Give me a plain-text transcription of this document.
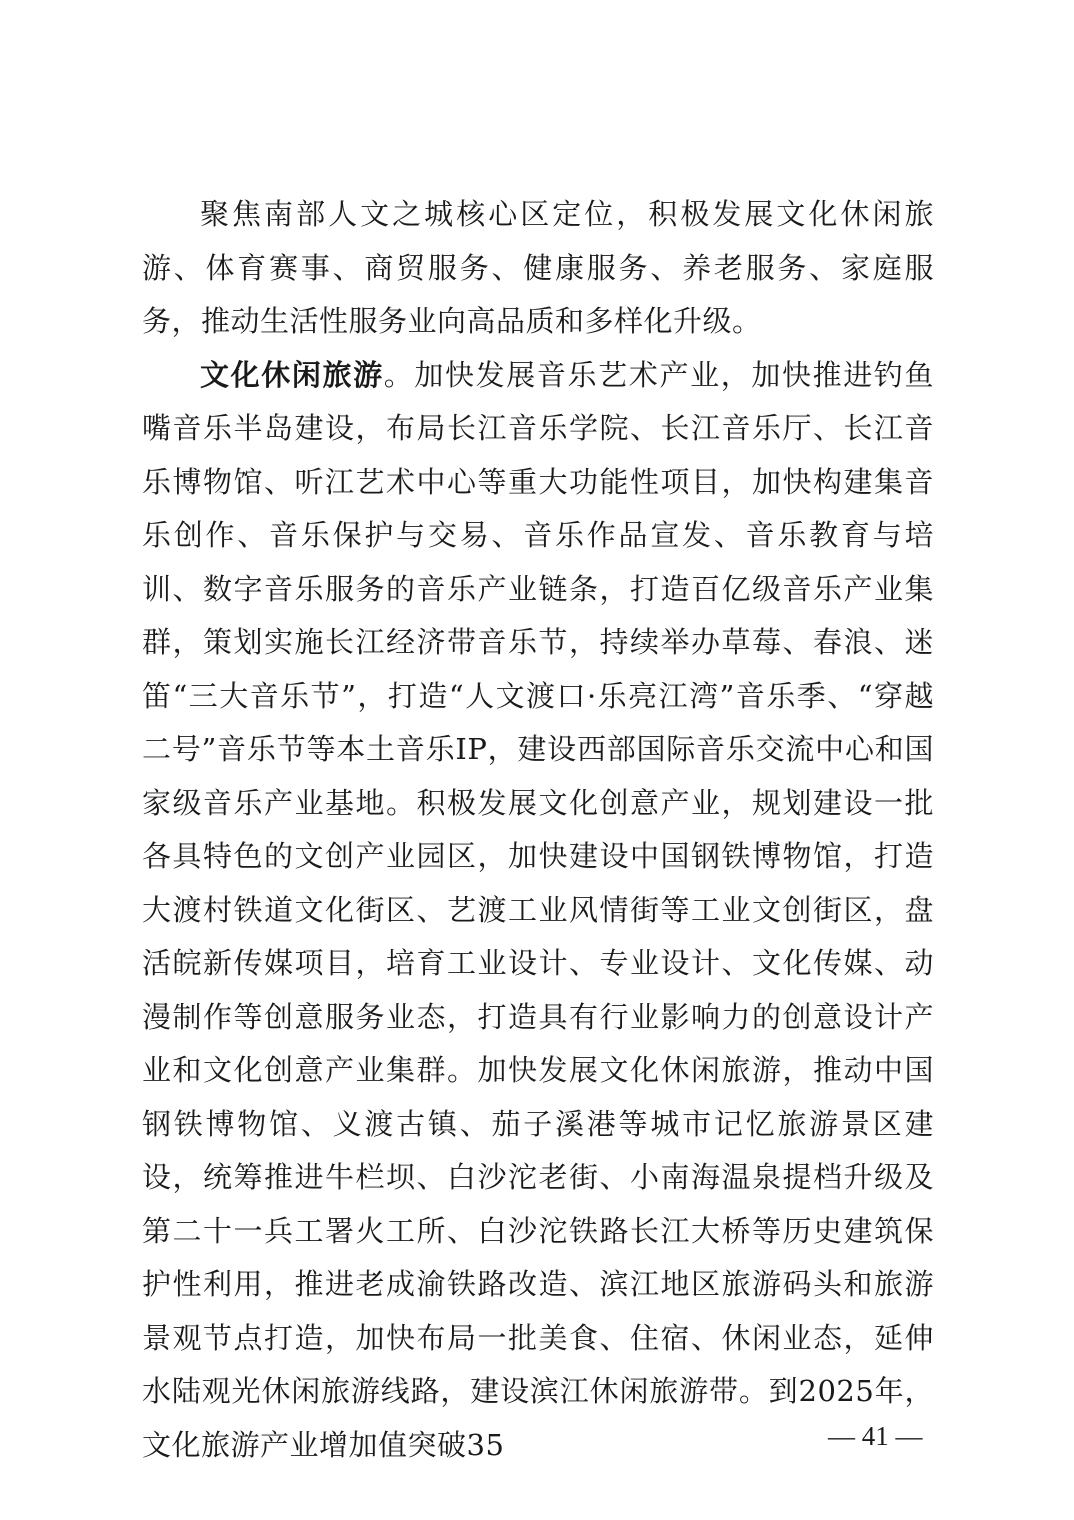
聚焦南部人文之城核心区定位，积极发展文化休闲旅游、体育赛事、商贸服务、健康服务、养老服务、家庭服务，推动生活性服务业向高品质和多样化升级。

文化休闲旅游。加快发展音乐艺术产业，加快推进钓鱼嘴音乐半岛建设，布局长江音乐学院、长江音乐厅、长江音乐博物馆、听江艺术中心等重大功能性项目，加快构建集音乐创作、音乐保护与交易、音乐作品宣发、音乐教育与培训、数字音乐服务的音乐产业链条，打造百亿级音乐产业集群，策划实施长江经济带音乐节，持续举办草莓、春浪、迷笛“三大音乐节”，打造“人文渡口·乐亮江湾”音乐季、“穿越二号”音乐节等本土音乐IP，建设西部国际音乐交流中心和国家级音乐产业基地。积极发展文化创意产业，规划建设一批各具特色的文创产业园区，加快建设中国钢铁博物馆，打造大渡村铁道文化街区、艺渡工业风情街等工业文创街区，盘活皖新传媒项目，培育工业设计、专业设计、文化传媒、动漫制作等创意服务业态，打造具有行业影响力的创意设计产业和文化创意产业集群。加快发展文化休闲旅游，推动中国钢铁博物馆、义渡古镇、茄子溪港等城市记忆旅游景区建设，统筹推进牛栏坝、白沙沱老街、小南海温泉提档升级及第二十一兵工署火工所、白沙沱铁路长江大桥等历史建筑保护性利用，推进老成渝铁路改造、滨江地区旅游码头和旅游景观节点打造，加快布局一批美食、住宿、休闲业态，延伸水陆观光休闲旅游线路，建设滨江休闲旅游带。到2025年，文化旅游产业增加值突破35	— 41 —
